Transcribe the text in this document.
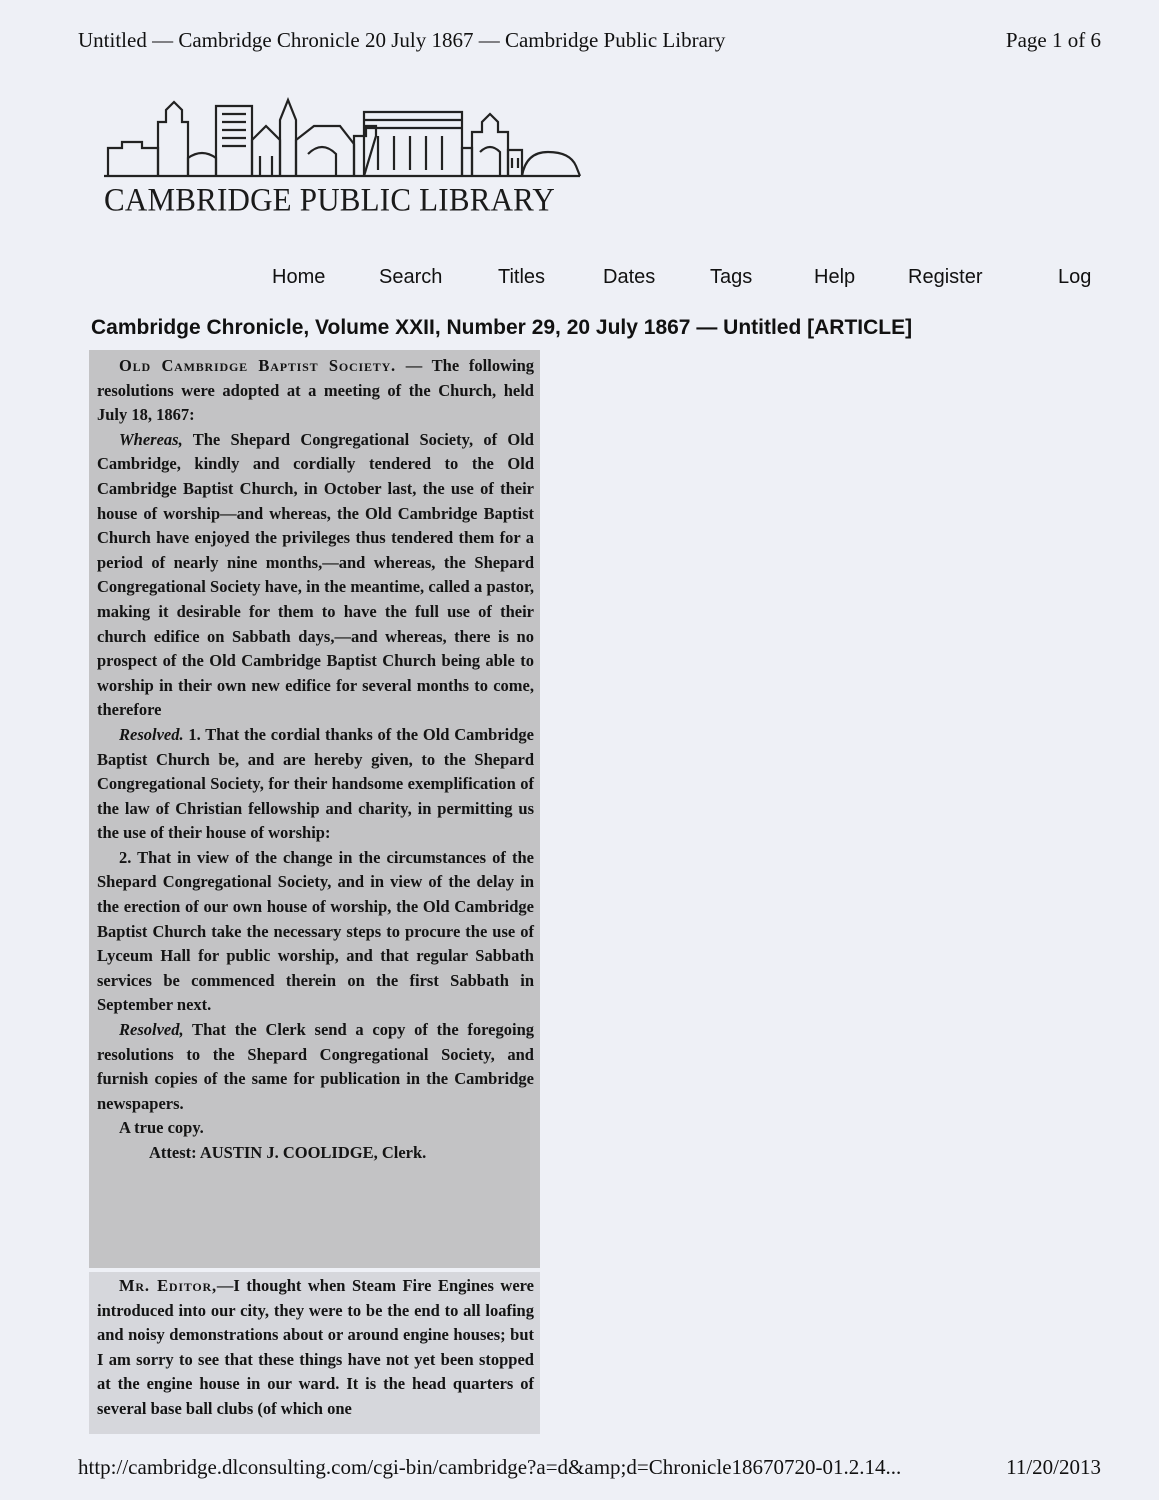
Untitled — Cambridge Chronicle 20 July 1867 — Cambridge Public Library	Page 1 of 6
CAMBRIDGE PUBLIC LIBRARY
Home	Search	Titles	Dates	Tags	Help	Register	Log
Cambridge Chronicle, Volume XXII, Number 29, 20 July 1867 — Untitled [ARTICLE]

Old Cambridge Baptist Society. — The following resolutions were adopted at a meeting of the Church, held July 18, 1867:

Whereas, The Shepard Congregational Society, of Old Cambridge, kindly and cordially tendered to the Old Cambridge Baptist Church, in October last, the use of their house of worship—and whereas, the Old Cambridge Baptist Church have enjoyed the privileges thus tendered them for a period of nearly nine months,—and whereas, the Shepard Congregational Society have, in the meantime, called a pastor, making it desirable for them to have the full use of their church edifice on Sabbath days,—and whereas, there is no prospect of the Old Cambridge Baptist Church being able to worship in their own new edifice for several months to come, therefore

Resolved. 1. That the cordial thanks of the Old Cambridge Baptist Church be, and are hereby given, to the Shepard Congregational Society, for their handsome exemplification of the law of Christian fellowship and charity, in permitting us the use of their house of worship:

2. That in view of the change in the circumstances of the Shepard Congregational Society, and in view of the delay in the erection of our own house of worship, the Old Cambridge Baptist Church take the necessary steps to procure the use of Lyceum Hall for public worship, and that regular Sabbath services be commenced therein on the first Sabbath in September next.

Resolved, That the Clerk send a copy of the foregoing resolutions to the Shepard Congregational Society, and furnish copies of the same for publication in the Cambridge newspapers.

A true copy.

Attest: AUSTIN J. COOLIDGE, Clerk.

Mr. Editor,—I thought when Steam Fire Engines were introduced into our city, they were to be the end to all loafing and noisy demonstrations about or around engine houses; but I am sorry to see that these things have not yet been stopped at the engine house in our ward. It is the head quarters of several base ball clubs (of which one

http://cambridge.dlconsulting.com/cgi-bin/cambridge?a=d&amp;d=Chronicle18670720-01.2.14...	11/20/2013
